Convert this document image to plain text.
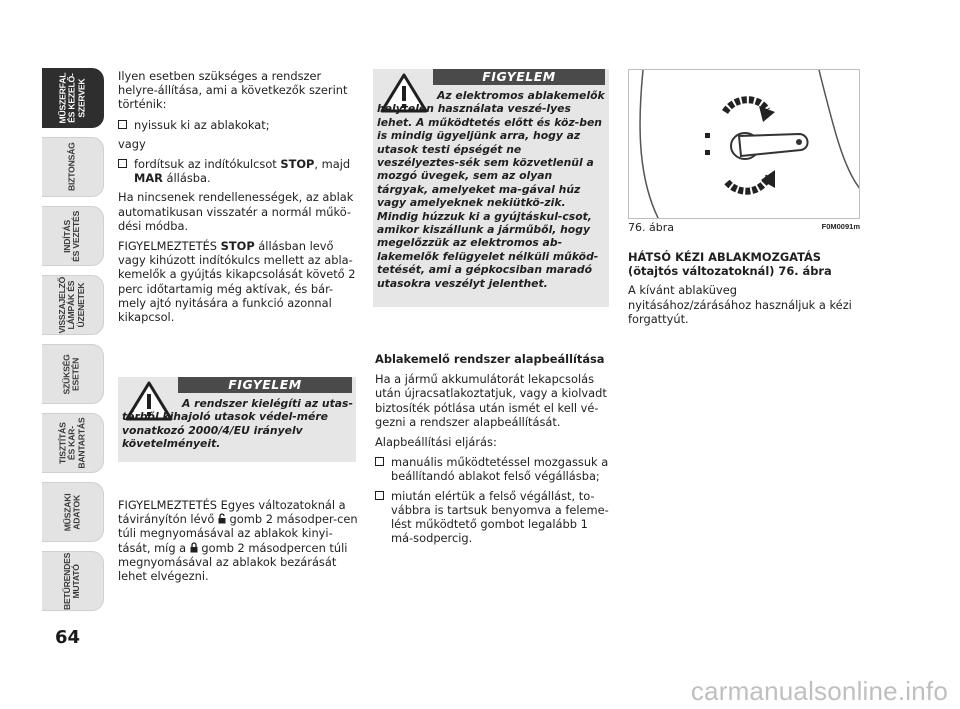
MŰSZERFAL
ÉS KEZELŐ-
SZERVEK
BIZTONSÁG
INDÍTÁS
ÉS VEZETÉS
VISSZAJELZŐ
LÁMPÁK ÉS
ÜZENETEK
SZÜKSÉG
ESETÉN
TISZTÍTÁS
ÉS KAR-
BANTARTÁS
MŰSZAKI
ADATOK
BETŰRENDES
MUTATÓ
64

Ilyen esetben szükséges a rendszer helyre-állítása, ami a következők szerint történik:

nyissuk ki az ablakokat;

vagy

fordítsuk az indítókulcsot STOP, majd MAR állásba.

Ha nincsenek rendellenességek, az ablak automatikusan visszatér a normál műkö-dési módba.

FIGYELMEZTETÉS STOP állásban levő vagy kihúzott indítókulcs mellett az abla-kemelők a gyújtás kikapcsolását követő 2 perc időtartamig még aktívak, és bár-mely ajtó nyitására a funkció azonnal kikapcsol.

FIGYELEM
A rendszer kielégíti az utas-térből kihajoló utasok védel-mére vonatkozó 2000/4/EU irányelv követelményeit.

FIGYELMEZTETÉS Egyes változatoknál a távirányítón lévő  gomb 2 másodper-cen túli megnyomásával az ablakok kinyi-tását, míg a  gomb 2 másodpercen túli megnyomásával az ablakok bezárását lehet elvégezni.

FIGYELEM
Az elektromos ablakemelők helytelen használata veszé-lyes lehet. A működtetés előtt és köz-ben is mindig ügyeljünk arra, hogy az utasok testi épségét ne veszélyeztes-sék sem közvetlenül a mozgó üvegek, sem az olyan tárgyak, amelyeket ma-gával húz vagy amelyeknek nekiütkö-zik. Mindig húzzuk ki a gyújtáskul-csot, amikor kiszállunk a járműből, hogy megelőzzük az elektromos ab-lakemelők felügyelet nélküli működ-tetését, ami a gépkocsiban maradó utasokra veszélyt jelenthet.

Ablakemelő rendszer alapbeállítása

Ha a jármű akkumulátorát lekapcsolás után újracsatlakoztatjuk, vagy a kiolvadt biztosíték pótlása után ismét el kell vé-gezni a rendszer alapbeállítását.

Alapbeállítási eljárás:

manuális működtetéssel mozgassuk a beállítandó ablakot felső végállásba;
miután elértük a felső végállást, to-vábbra is tartsuk benyomva a feleme-lést működtető gombot legalább 1 má-sodpercig.
76. ábra	F0M0091m

HÁTSÓ KÉZI ABLAKMOZGATÁS (ötajtós változatoknál) 76. ábra

A kívánt ablaküveg nyitásához/zárásához használjuk a kézi forgattyút.

carmanualsonline.info
